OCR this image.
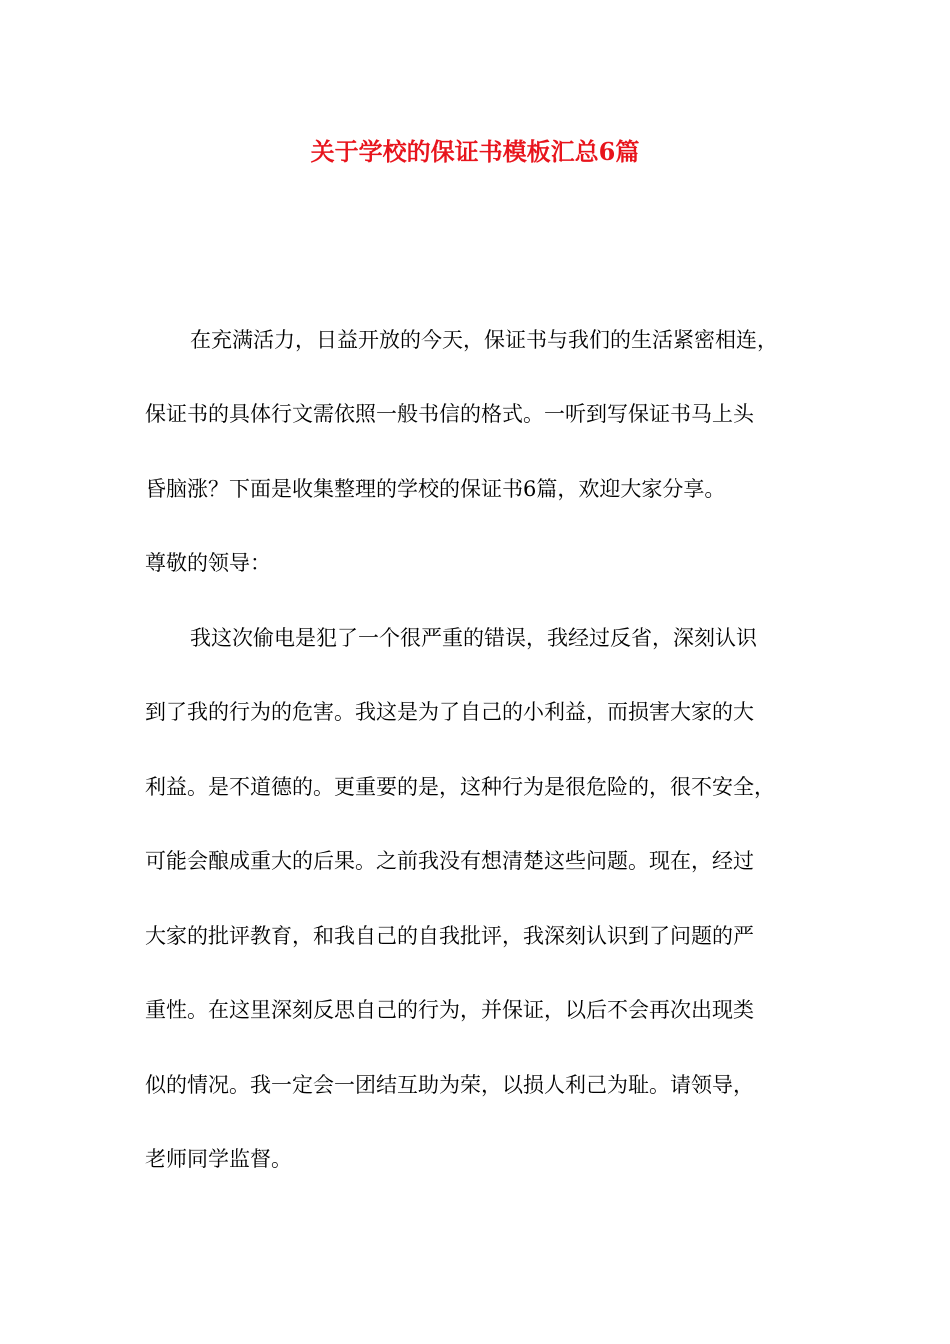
关于学校的保证书模板汇总6篇

在充满活力，日益开放的今天，保证书与我们的生活紧密相连，

保证书的具体行文需依照一般书信的格式。一听到写保证书马上头

昏脑涨？下面是收集整理的学校的保证书6篇，欢迎大家分享。

尊敬的领导：

我这次偷电是犯了一个很严重的错误，我经过反省，深刻认识

到了我的行为的危害。我这是为了自己的小利益，而损害大家的大

利益。是不道德的。更重要的是，这种行为是很危险的，很不安全，

可能会酿成重大的后果。之前我没有想清楚这些问题。现在，经过

大家的批评教育，和我自己的自我批评，我深刻认识到了问题的严

重性。在这里深刻反思自己的行为，并保证，以后不会再次出现类

似的情况。我一定会一团结互助为荣，以损人利己为耻。请领导，

老师同学监督。
